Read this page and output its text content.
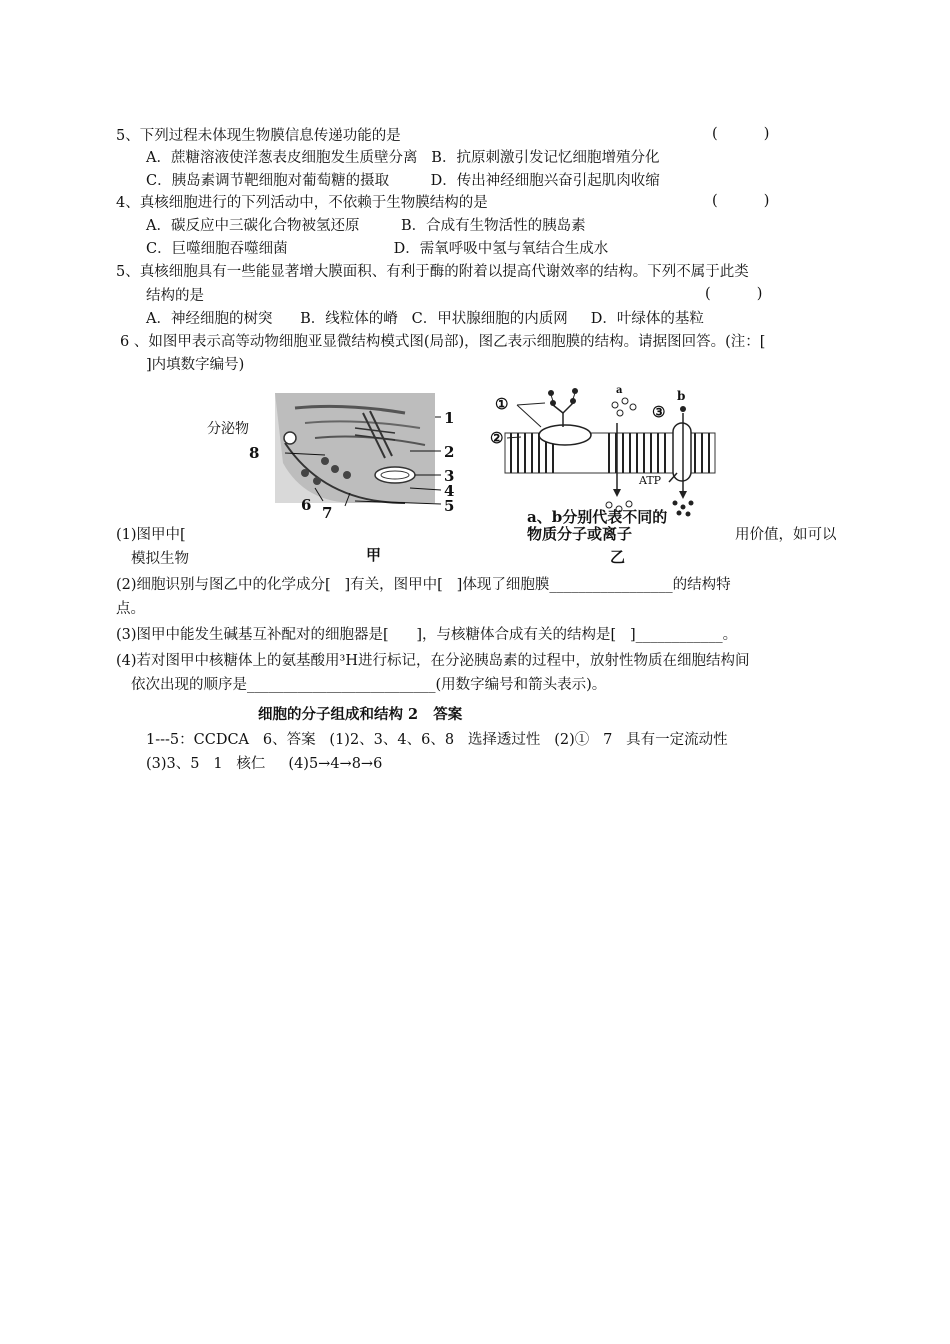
5、下列过程未体现生物膜信息传递功能的是	(          )
A．蔗糖溶液使洋葱表皮细胞发生质壁分离   B．抗原刺激引发记忆细胞增殖分化
C．胰岛素调节靶细胞对葡萄糖的摄取         D．传出神经细胞兴奋引起肌肉收缩
4、真核细胞进行的下列活动中，不依赖于生物膜结构的是	(          )
A．碳反应中三碳化合物被氢还原         B．合成有生物活性的胰岛素
C．巨噬细胞吞噬细菌                       D．需氧呼吸中氢与氧结合生成水
5、真核细胞具有一些能显著增大膜面积、有利于酶的附着以提高代谢效率的结构。下列不属于此类
结构的是	(          )
A．神经细胞的树突      B．线粒体的嵴   C．甲状腺细胞的内质网     D．叶绿体的基粒
6 、如图甲表示高等动物细胞亚显微结构模式图(局部)，图乙表示细胞膜的结构。请据图回答。(注：[
]内填数字编号)
分泌物
1
2
3
4
5
6 7
8
①
②
③
a	b
ATP
a、b分别代表不同的
物质分子或离子
甲	乙
(1)图甲中[	用价值，如可以
模拟生物
(2)细胞识别与图乙中的化学成分[   ]有关，图甲中[   ]体现了细胞膜_________________的结构特
点。
(3)图甲中能发生碱基互补配对的细胞器是[      ]，与核糖体合成有关的结构是[   ]____________。
(4)若对图甲中核糖体上的氨基酸用³H进行标记，在分泌胰岛素的过程中，放射性物质在细胞结构间
依次出现的顺序是__________________________(用数字编号和箭头表示)。
细胞的分子组成和结构 2   答案
1---5：CCDCA   6、答案   (1)2、3、4、6、8   选择透过性   (2)①   7   具有一定流动性
(3)3、5   1   核仁     (4)5→4→8→6
